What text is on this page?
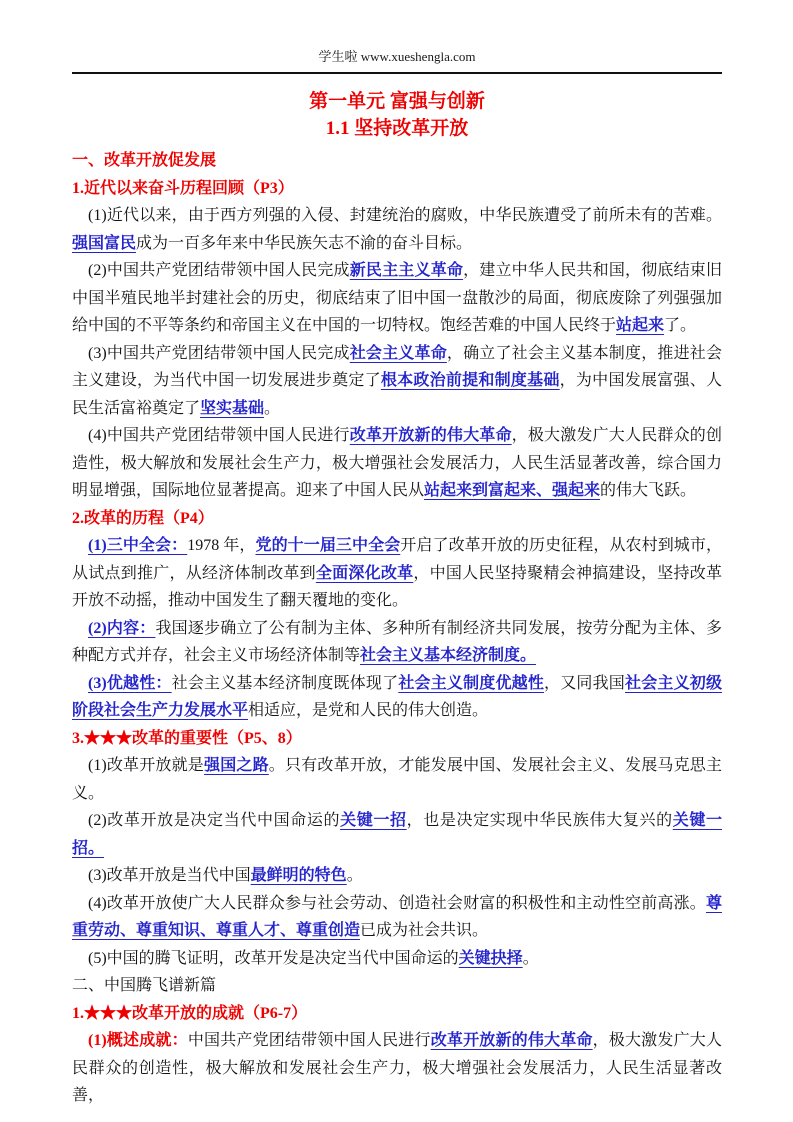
学生啦 www.xueshengla.com
第一单元 富强与创新
1.1 坚持改革开放

一、改革开放促发展

1.近代以来奋斗历程回顾（P3）

(1)近代以来，由于西方列强的入侵、封建统治的腐败，中华民族遭受了前所未有的苦难。强国富民成为一百多年来中华民族矢志不渝的奋斗目标。

(2)中国共产党团结带领中国人民完成新民主主义革命，建立中华人民共和国，彻底结束旧中国半殖民地半封建社会的历史，彻底结束了旧中国一盘散沙的局面，彻底废除了列强强加给中国的不平等条约和帝国主义在中国的一切特权。饱经苦难的中国人民终于站起来了。

(3)中国共产党团结带领中国人民完成社会主义革命，确立了社会主义基本制度，推进社会主义建设，为当代中国一切发展进步奠定了根本政治前提和制度基础，为中国发展富强、人民生活富裕奠定了坚实基础。

(4)中国共产党团结带领中国人民进行改革开放新的伟大革命，极大激发广大人民群众的创造性，极大解放和发展社会生产力，极大增强社会发展活力，人民生活显著改善，综合国力明显增强，国际地位显著提高。迎来了中国人民从站起来到富起来、强起来的伟大飞跃。

2.改革的历程（P4）

(1)三中全会：1978 年，党的十一届三中全会开启了改革开放的历史征程，从农村到城市，从试点到推广，从经济体制改革到全面深化改革，中国人民坚持聚精会神搞建设，坚持改革开放不动摇，推动中国发生了翻天覆地的变化。

(2)内容：我国逐步确立了公有制为主体、多种所有制经济共同发展，按劳分配为主体、多种配方式并存，社会主义市场经济体制等社会主义基本经济制度。

(3)优越性：社会主义基本经济制度既体现了社会主义制度优越性，又同我国社会主义初级阶段社会生产力发展水平相适应，是党和人民的伟大创造。

3.★★★改革的重要性（P5、8）

(1)改革开放就是强国之路。只有改革开放，才能发展中国、发展社会主义、发展马克思主义。

(2)改革开放是决定当代中国命运的关键一招，也是决定实现中华民族伟大复兴的关键一招。

(3)改革开放是当代中国最鲜明的特色。

(4)改革开放使广大人民群众参与社会劳动、创造社会财富的积极性和主动性空前高涨。尊重劳动、尊重知识、尊重人才、尊重创造已成为社会共识。

(5)中国的腾飞证明，改革开发是决定当代中国命运的关键抉择。

二、中国腾飞谱新篇

1.★★★改革开放的成就（P6-7）

(1)概述成就：中国共产党团结带领中国人民进行改革开放新的伟大革命，极大激发广大人民群众的创造性，极大解放和发展社会生产力，极大增强社会发展活力，人民生活显著改善，
